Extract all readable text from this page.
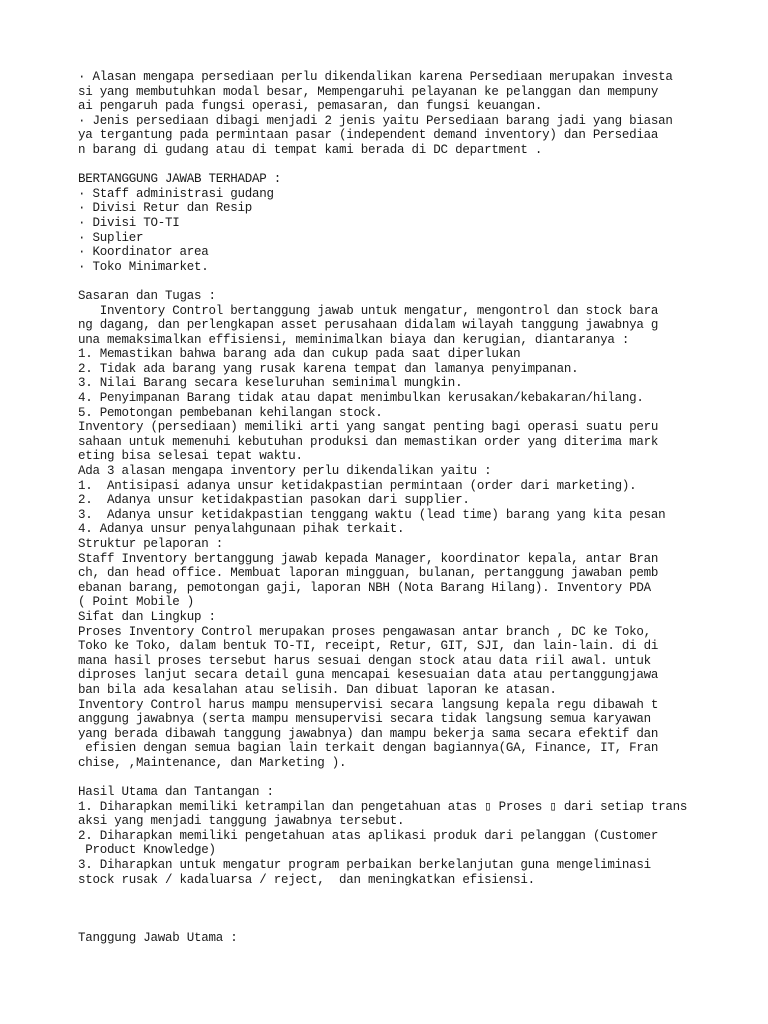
· Alasan mengapa persediaan perlu dikendalikan karena Persediaan merupakan investa
si yang membutuhkan modal besar, Mempengaruhi pelayanan ke pelanggan dan mempuny
ai pengaruh pada fungsi operasi, pemasaran, dan fungsi keuangan.
· Jenis persediaan dibagi menjadi 2 jenis yaitu Persediaan barang jadi yang biasan
ya tergantung pada permintaan pasar (independent demand inventory) dan Persediaa
n barang di gudang atau di tempat kami berada di DC department .
BERTANGGUNG JAWAB TERHADAP :
· Staff administrasi gudang
· Divisi Retur dan Resip
· Divisi TO-TI
· Suplier
· Koordinator area
· Toko Minimarket.
Sasaran dan Tugas :
Inventory Control bertanggung jawab untuk mengatur, mengontrol dan stock bara
ng dagang, dan perlengkapan asset perusahaan didalam wilayah tanggung jawabnya g
una memaksimalkan effisiensi, meminimalkan biaya dan kerugian, diantaranya :
1. Memastikan bahwa barang ada dan cukup pada saat diperlukan
2. Tidak ada barang yang rusak karena tempat dan lamanya penyimpanan.
3. Nilai Barang secara keseluruhan seminimal mungkin.
4. Penyimpanan Barang tidak atau dapat menimbulkan kerusakan/kebakaran/hilang.
5. Pemotongan pembebanan kehilangan stock.
Inventory (persediaan) memiliki arti yang sangat penting bagi operasi suatu peru
sahaan untuk memenuhi kebutuhan produksi dan memastikan order yang diterima mark
eting bisa selesai tepat waktu.
Ada 3 alasan mengapa inventory perlu dikendalikan yaitu :
1.  Antisipasi adanya unsur ketidakpastian permintaan (order dari marketing).
2.  Adanya unsur ketidakpastian pasokan dari supplier.
3.  Adanya unsur ketidakpastian tenggang waktu (lead time) barang yang kita pesan
4. Adanya unsur penyalahgunaan pihak terkait.
Struktur pelaporan :
Staff Inventory bertanggung jawab kepada Manager, koordinator kepala, antar Bran
ch, dan head office. Membuat laporan mingguan, bulanan, pertanggung jawaban pemb
ebanan barang, pemotongan gaji, laporan NBH (Nota Barang Hilang). Inventory PDA
( Point Mobile )
Sifat dan Lingkup :
Proses Inventory Control merupakan proses pengawasan antar branch , DC ke Toko,
Toko ke Toko, dalam bentuk TO-TI, receipt, Retur, GIT, SJI, dan lain-lain. di di
mana hasil proses tersebut harus sesuai dengan stock atau data riil awal. untuk
diproses lanjut secara detail guna mencapai kesesuaian data atau pertanggungjawa
ban bila ada kesalahan atau selisih. Dan dibuat laporan ke atasan.
Inventory Control harus mampu mensupervisi secara langsung kepala regu dibawah t
anggung jawabnya (serta mampu mensupervisi secara tidak langsung semua karyawan
yang berada dibawah tanggung jawabnya) dan mampu bekerja sama secara efektif dan
efisien dengan semua bagian lain terkait dengan bagiannya(GA, Finance, IT, Fran
chise, ,Maintenance, dan Marketing ).
Hasil Utama dan Tantangan :
1. Diharapkan memiliki ketrampilan dan pengetahuan atas ▯ Proses ▯ dari setiap trans
aksi yang menjadi tanggung jawabnya tersebut.
2. Diharapkan memiliki pengetahuan atas aplikasi produk dari pelanggan (Customer
Product Knowledge)
3. Diharapkan untuk mengatur program perbaikan berkelanjutan guna mengeliminasi
stock rusak / kadaluarsa / reject,  dan meningkatkan efisiensi.
Tanggung Jawab Utama :
